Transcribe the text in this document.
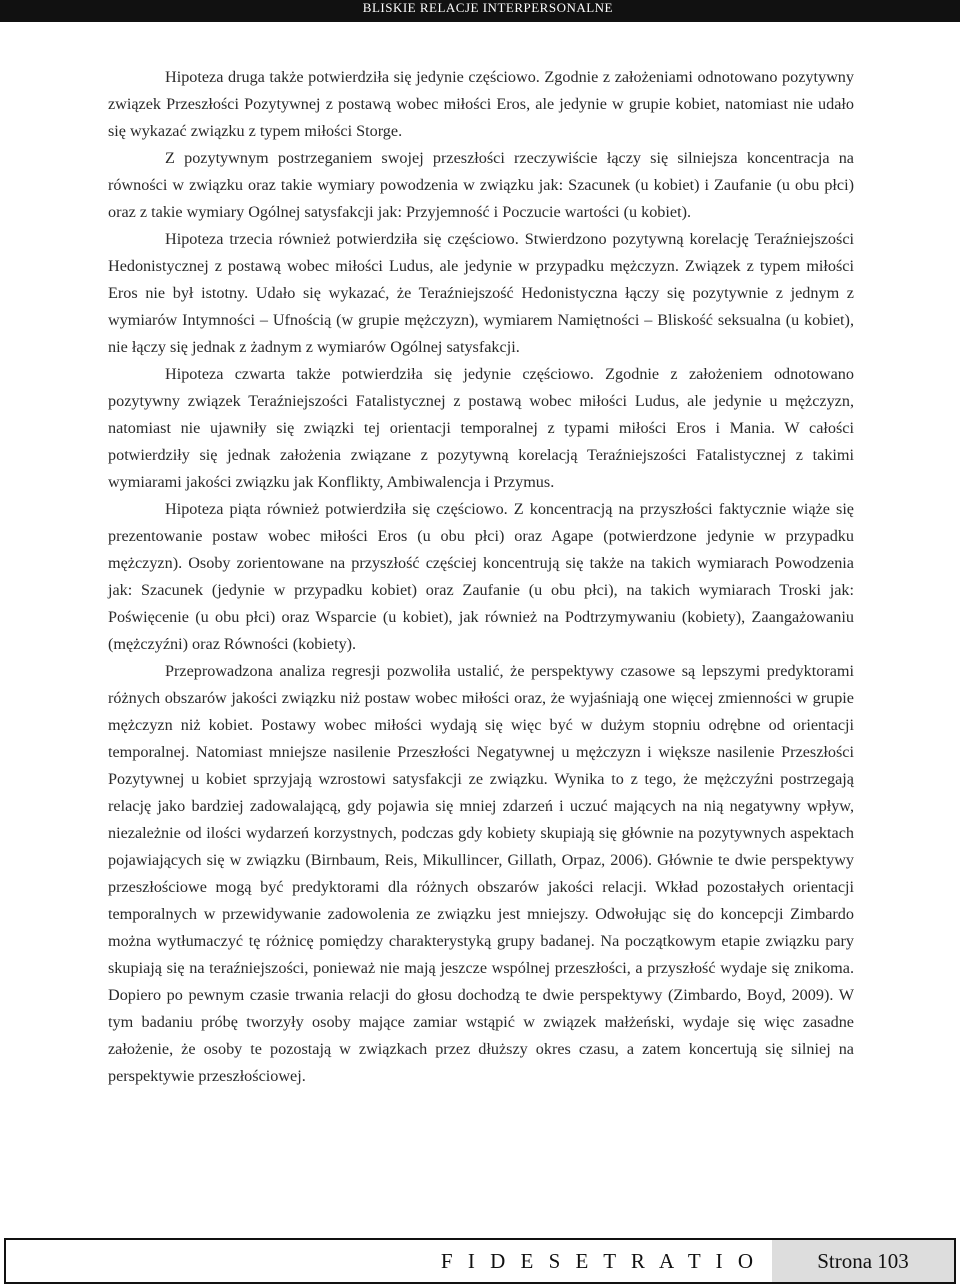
BLISKIE RELACJE INTERPERSONALNE

Hipoteza druga także potwierdziła się jedynie częściowo. Zgodnie z założeniami odnotowano pozytywny związek Przeszłości Pozytywnej z postawą wobec miłości Eros, ale jedynie w grupie kobiet, natomiast nie udało się wykazać związku z typem miłości Storge.

Z pozytywnym postrzeganiem swojej przeszłości rzeczywiście łączy się silniejsza koncentracja na równości w związku oraz takie wymiary powodzenia w związku jak: Szacunek (u kobiet) i Zaufanie (u obu płci) oraz z takie wymiary Ogólnej satysfakcji jak: Przyjemność i Poczucie wartości (u kobiet).

Hipoteza trzecia również potwierdziła się częściowo. Stwierdzono pozytywną korelację Teraźniejszości Hedonistycznej z postawą wobec miłości Ludus, ale jedynie w przypadku mężczyzn. Związek z typem miłości Eros nie był istotny. Udało się wykazać, że Teraźniejszość Hedonistyczna łączy się pozytywnie z jednym z wymiarów Intymności – Ufnością (w grupie mężczyzn), wymiarem Namiętności – Bliskość seksualna (u kobiet), nie łączy się jednak z żadnym z wymiarów Ogólnej satysfakcji.

Hipoteza czwarta także potwierdziła się jedynie częściowo. Zgodnie z założeniem odnotowano pozytywny związek Teraźniejszości Fatalistycznej z postawą wobec miłości Ludus, ale jedynie u mężczyzn, natomiast nie ujawniły się związki tej orientacji temporalnej z typami miłości Eros i Mania. W całości potwierdziły się jednak założenia związane z pozytywną korelacją Teraźniejszości Fatalistycznej z takimi wymiarami jakości związku jak Konflikty, Ambiwalencja i Przymus.

Hipoteza piąta również potwierdziła się częściowo. Z koncentracją na przyszłości faktycznie wiąże się prezentowanie postaw wobec miłości Eros (u obu płci) oraz Agape (potwierdzone jedynie w przypadku mężczyzn). Osoby zorientowane na przyszłość częściej koncentrują się także na takich wymiarach Powodzenia jak: Szacunek (jedynie w przypadku kobiet) oraz Zaufanie (u obu płci), na takich wymiarach Troski jak: Poświęcenie (u obu płci) oraz Wsparcie (u kobiet), jak również na Podtrzymywaniu (kobiety), Zaangażowaniu (mężczyźni) oraz Równości (kobiety).

Przeprowadzona analiza regresji pozwoliła ustalić, że perspektywy czasowe są lepszymi predyktorami różnych obszarów jakości związku niż postaw wobec miłości oraz, że wyjaśniają one więcej zmienności w grupie mężczyzn niż kobiet. Postawy wobec miłości wydają się więc być w dużym stopniu odrębne od orientacji temporalnej. Natomiast mniejsze nasilenie Przeszłości Negatywnej u mężczyzn i większe nasilenie Przeszłości Pozytywnej u kobiet sprzyjają wzrostowi satysfakcji ze związku. Wynika to z tego, że mężczyźni postrzegają relację jako bardziej zadowalającą, gdy pojawia się mniej zdarzeń i uczuć mających na nią negatywny wpływ, niezależnie od ilości wydarzeń korzystnych, podczas gdy kobiety skupiają się głównie na pozytywnych aspektach pojawiających się w związku (Birnbaum, Reis, Mikullincer, Gillath, Orpaz, 2006). Głównie te dwie perspektywy przeszłościowe mogą być predyktorami dla różnych obszarów jakości relacji. Wkład pozostałych orientacji temporalnych w przewidywanie zadowolenia ze związku jest mniejszy. Odwołując się do koncepcji Zimbardo można wytłumaczyć tę różnicę pomiędzy charakterystyką grupy badanej. Na początkowym etapie związku pary skupiają się na teraźniejszości, ponieważ nie mają jeszcze wspólnej przeszłości, a przyszłość wydaje się znikoma. Dopiero po pewnym czasie trwania relacji do głosu dochodzą te dwie perspektywy (Zimbardo, Boyd, 2009). W tym badaniu próbę tworzyły osoby mające zamiar wstąpić w związek małżeński, wydaje się więc zasadne założenie, że osoby te pozostają w związkach przez dłuższy okres czasu, a zatem koncertują się silniej na perspektywie przeszłościowej.

F I D E S E T R A T I O	Strona 103
